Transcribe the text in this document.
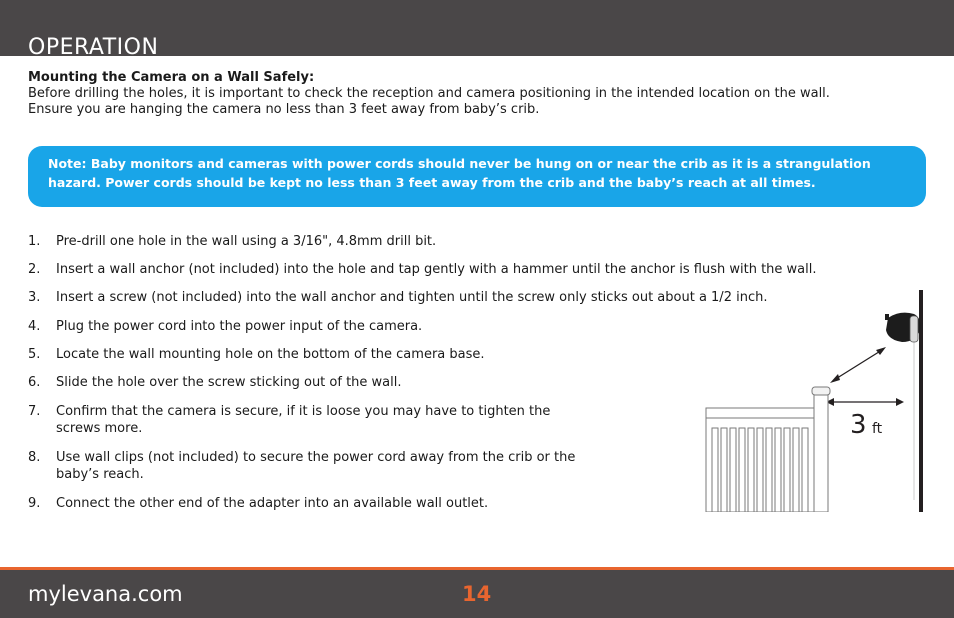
OPERATION
Mounting the Camera on a Wall Safely:
Before drilling the holes, it is important to check the reception and camera positioning in the intended location on the wall.
Ensure you are hanging the camera no less than 3 feet away from baby’s crib.
Note: Baby monitors and cameras with power cords should never be hung on or near the crib as it is a strangulation
hazard. Power cords should be kept no less than 3 feet away from the crib and the baby’s reach at all times.
1.	Pre-drill one hole in the wall using a 3/16", 4.8mm drill bit.
2.	Insert a wall anchor (not included) into the hole and tap gently with a hammer until the anchor is flush with the wall.
3.	Insert a screw (not included) into the wall anchor and tighten until the screw only sticks out about a 1/2 inch.
4.	Plug the power cord into the power input of the camera.
5.	Locate the wall mounting hole on the bottom of the camera base.
6.	Slide the hole over the screw sticking out of the wall.
7.	Confirm that the camera is secure, if it is loose you may have to tighten the
screws more.
8.	Use wall clips (not included) to secure the power cord away from the crib or the
baby’s reach.
9.	Connect the other end of the adapter into an available wall outlet.
3 ft
mylevana.com	14
